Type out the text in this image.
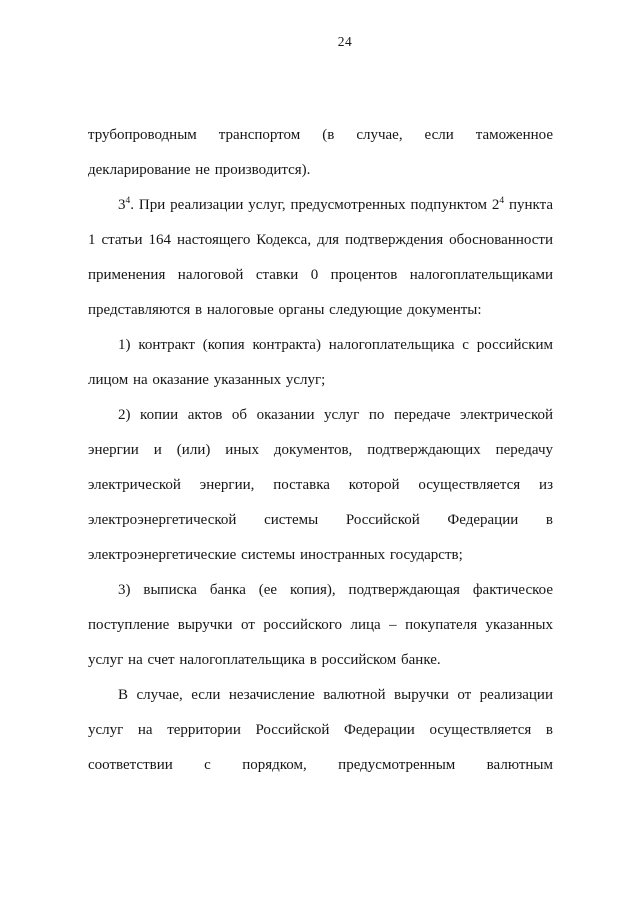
24

трубопроводным транспортом (в случае, если таможенное декларирование не производится).

$3^4$. При реализации услуг, предусмотренных подпунктом $2^4$ пункта 1 статьи 164 настоящего Кодекса, для подтверждения обоснованности применения налоговой ставки 0 процентов налогоплательщиками представляются в налоговые органы следующие документы:

1) контракт (копия контракта) налогоплательщика с российским лицом на оказание указанных услуг;

2) копии актов об оказании услуг по передаче электрической энергии и (или) иных документов, подтверждающих передачу электрической энергии, поставка которой осуществляется из электроэнергетической системы Российской Федерации в электроэнергетические системы иностранных государств;

3) выписка банка (ее копия), подтверждающая фактическое поступление выручки от российского лица – покупателя указанных услуг на счет налогоплательщика в российском банке.

В случае, если незачисление валютной выручки от реализации услуг на территории Российской Федерации осуществляется в соответствии с порядком, предусмотренным валютным
